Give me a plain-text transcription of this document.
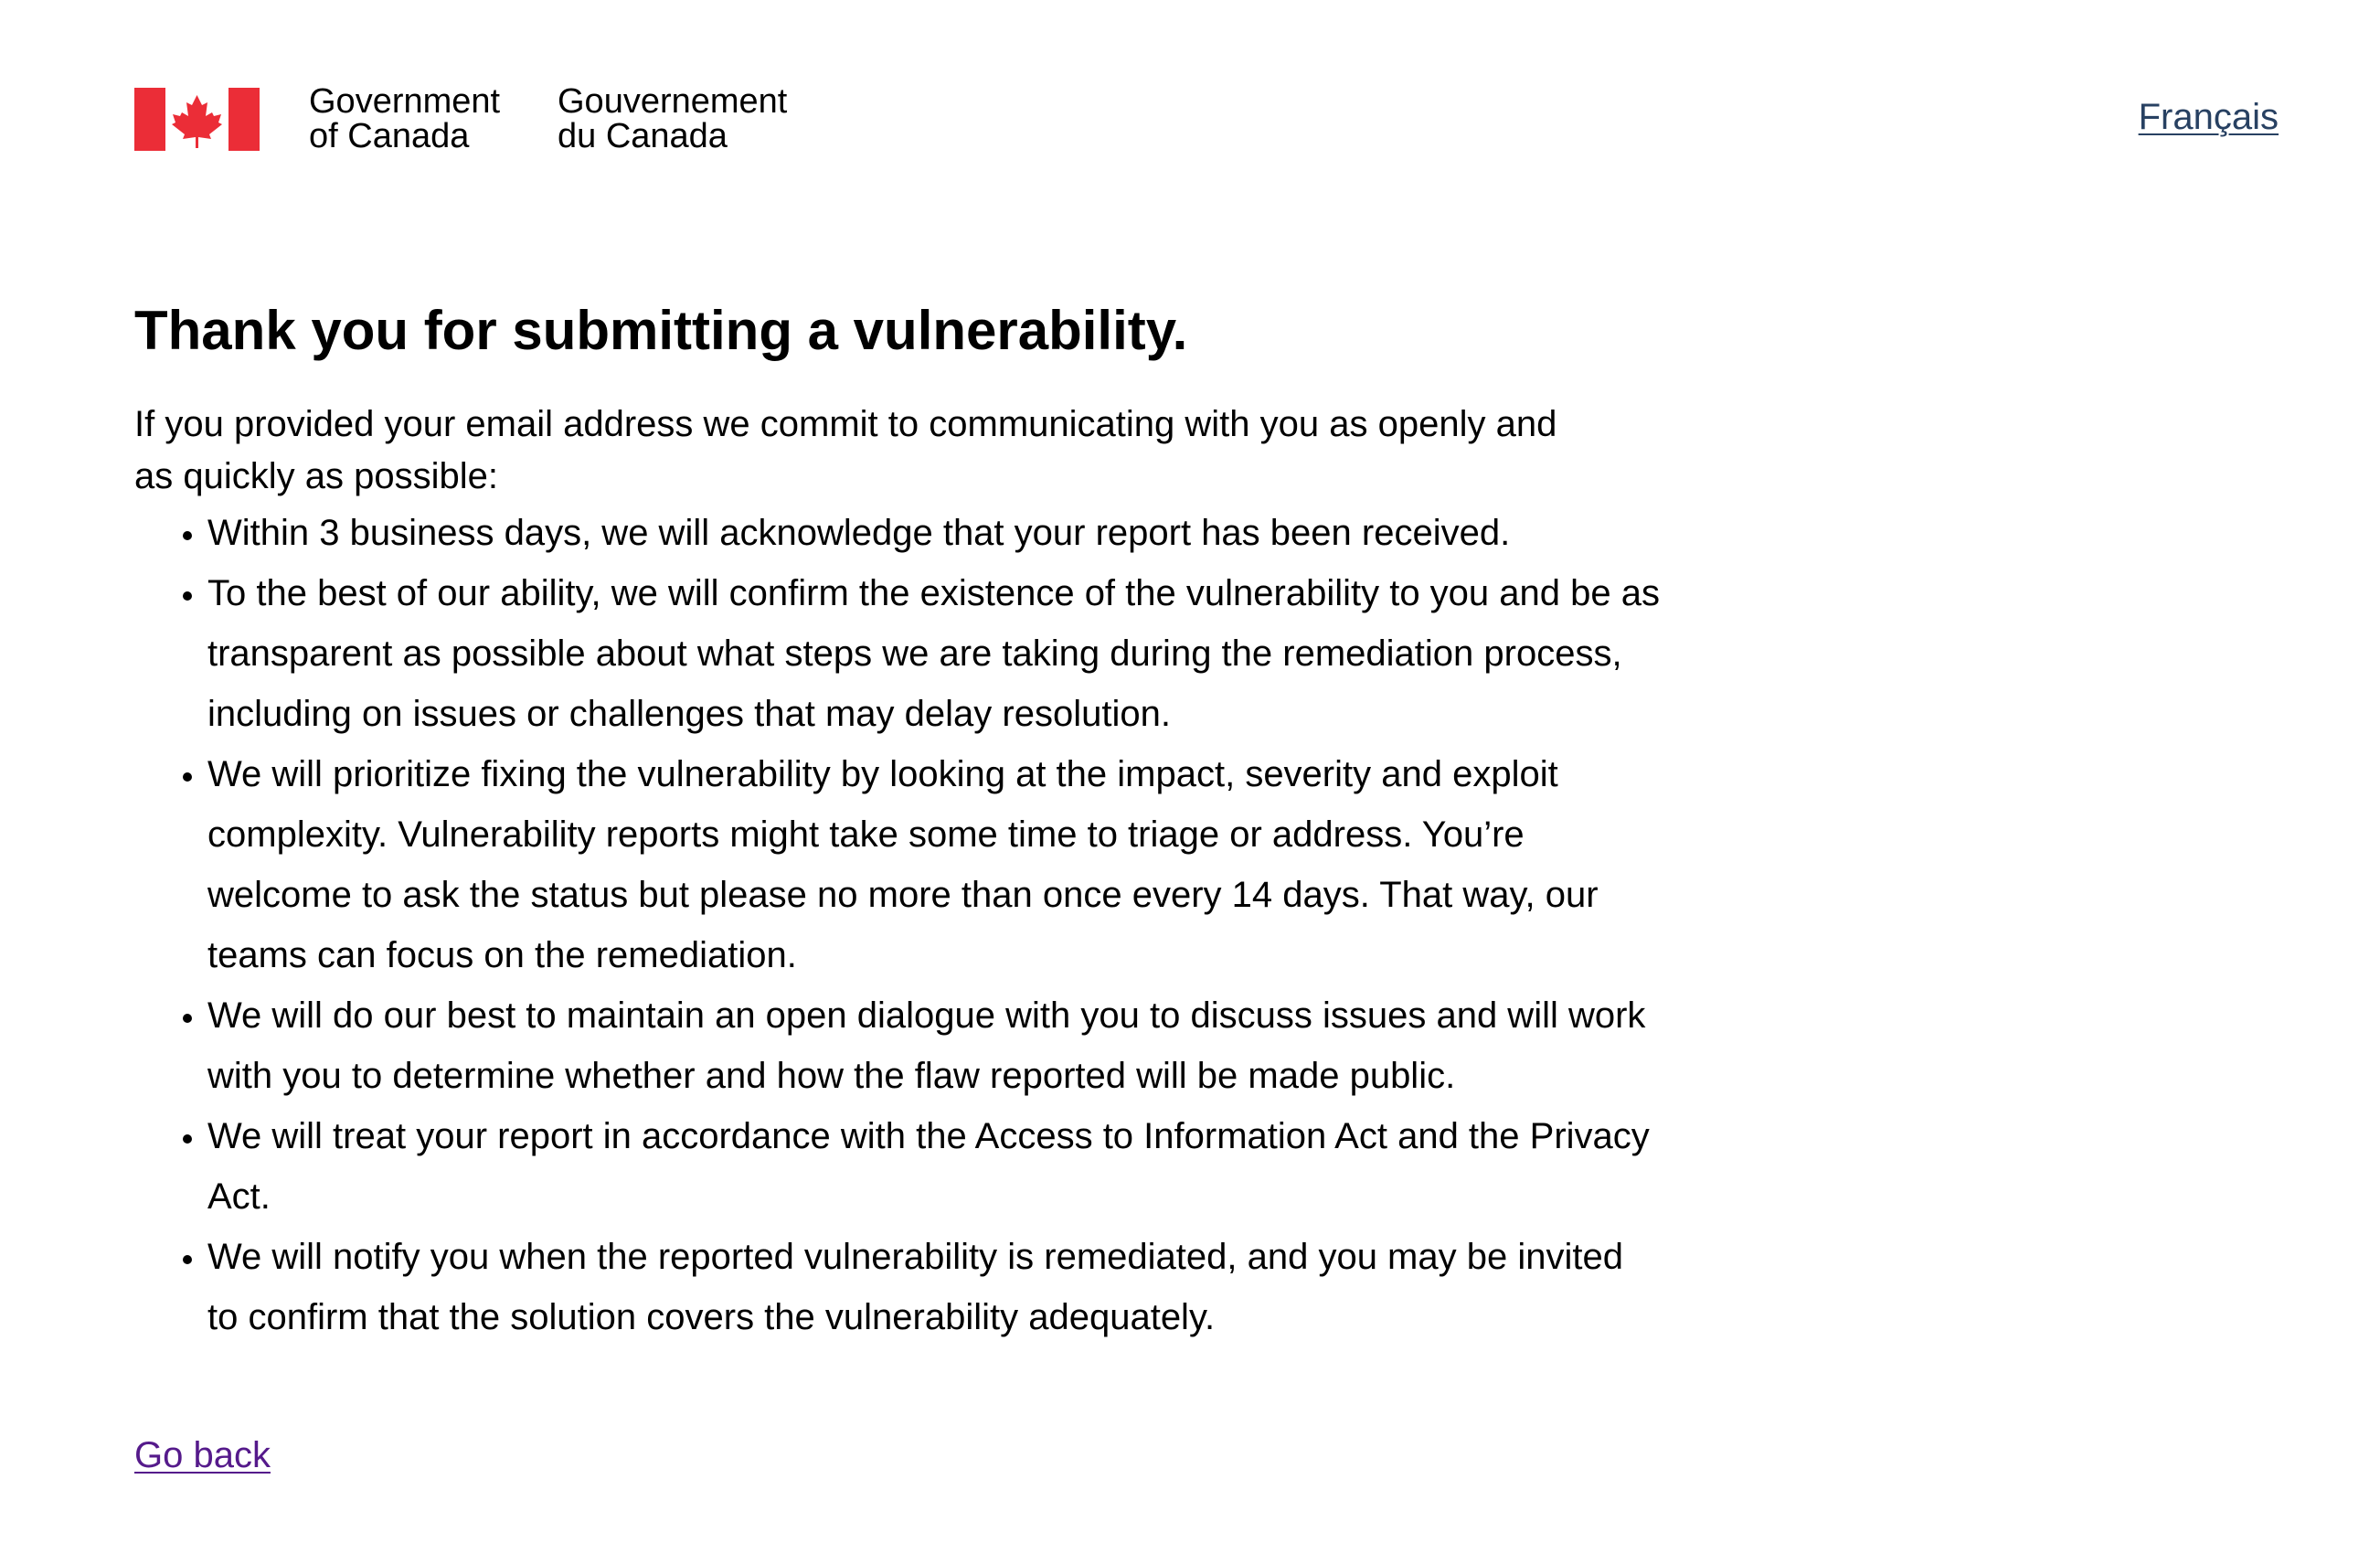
Government
of Canada
Gouvernement
du Canada	Français
Thank you for submitting a vulnerability.

If you provided your email address we commit to communicating with you as openly and as quickly as possible:

• Within 3 business days, we will acknowledge that your report has been received.
• To the best of our ability, we will confirm the existence of the vulnerability to you and be as transparent as possible about what steps we are taking during the remediation process, including on issues or challenges that may delay resolution.
• We will prioritize fixing the vulnerability by looking at the impact, severity and exploit complexity. Vulnerability reports might take some time to triage or address. You’re welcome to ask the status but please no more than once every 14 days. That way, our teams can focus on the remediation.
• We will do our best to maintain an open dialogue with you to discuss issues and will work with you to determine whether and how the flaw reported will be made public.
• We will treat your report in accordance with the Access to Information Act and the Privacy Act.
• We will notify you when the reported vulnerability is remediated, and you may be invited to confirm that the solution covers the vulnerability adequately.
Go back
